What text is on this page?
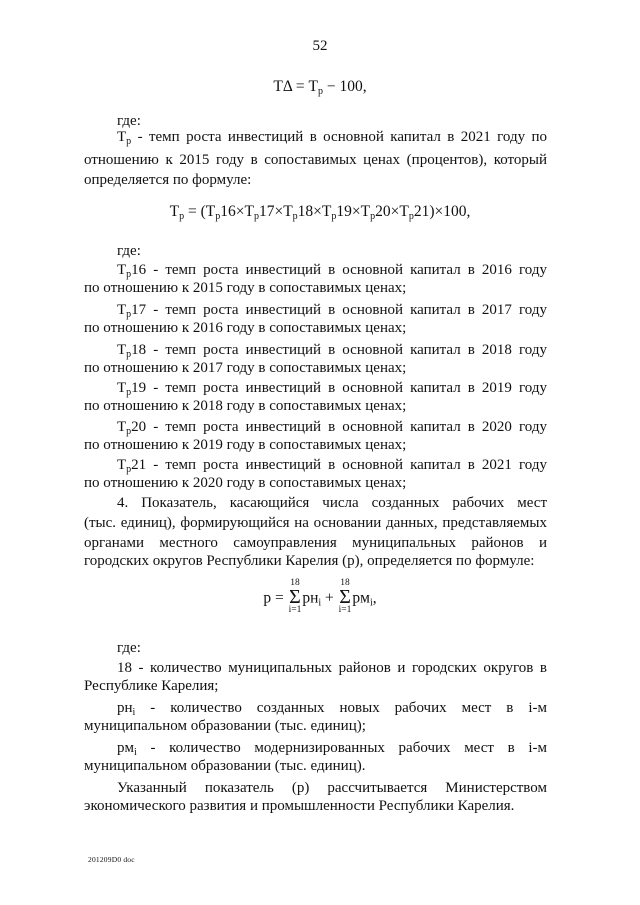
52
$T\Delta = T_p - 100$,
где:
$T_p$ - темп роста инвестиций в основной капитал в 2021 году по
отношению к 2015 году в сопоставимых ценах (процентов), который
определяется по формуле:
$T_p = (T_p16\times T_p17\times T_p18\times T_p19\times T_p20\times T_p21)\times 100$,
где:
$T_p16$ - темп роста инвестиций в основной капитал в 2016 году
по отношению к 2015 году в сопоставимых ценах;
$T_p17$ - темп роста инвестиций в основной капитал в 2017 году
по отношению к 2016 году в сопоставимых ценах;
$T_p18$ - темп роста инвестиций в основной капитал в 2018 году
по отношению к 2017 году в сопоставимых ценах;
$T_p19$ - темп роста инвестиций в основной капитал в 2019 году
по отношению к 2018 году в сопоставимых ценах;
$T_p20$ - темп роста инвестиций в основной капитал в 2020 году
по отношению к 2019 году в сопоставимых ценах;
$T_p21$ - темп роста инвестиций в основной капитал в 2021 году
по отношению к 2020 году в сопоставимых ценах;
4. Показатель, касающийся числа созданных рабочих мест
(тыс. единиц), формирующийся на основании данных, представляемых
органами местного самоуправления муниципальных районов и
городских округов Республики Карелия (р), определяется по формуле:
p =
18
Σ
i=1
$pн_i$ +
18
Σ
i=1
$pм_i$,
где:
18 - количество муниципальных районов и городских округов в
Республике Карелия;
$pн_i$ - количество созданных новых рабочих мест в i-м
муниципальном образовании (тыс. единиц);
$pм_i$ - количество модернизированных рабочих мест в i-м
муниципальном образовании (тыс. единиц).
Указанный показатель (р) рассчитывается Министерством
экономического развития и промышленности Республики Карелия.
201209D0 doc
